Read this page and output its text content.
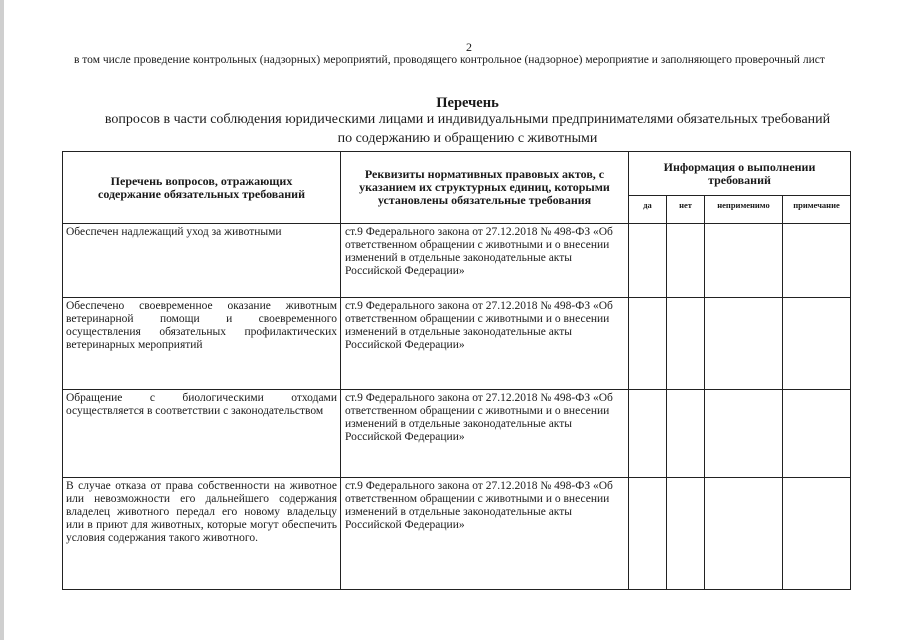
2
в том числе проведение контрольных (надзорных) мероприятий, проводящего контрольное (надзорное) мероприятие и заполняющего проверочный лист
Перечень
вопросов в части соблюдения юридическими лицами и индивидуальными предпринимателями обязательных требований
по содержанию и обращению с животными
Перечень вопросов, отражающих содержание обязательных требований	Реквизиты нормативных правовых актов, с указанием их структурных единиц, которыми установлены обязательные требования	Информация о выполнении требований			
		да	нет	неприменимо	примечание
Обеспечен надлежащий уход за животными	ст.9 Федерального закона от 27.12.2018 № 498-ФЗ «Об ответственном обращении с животными и о внесении изменений в отдельные законодательные акты Российской Федерации»				
Обеспечено своевременное оказание животным ветеринарной помощи и своевременного осуществления обязательных профилактических ветеринарных мероприятий	ст.9 Федерального закона от 27.12.2018 № 498-ФЗ «Об ответственном обращении с животными и о внесении изменений в отдельные законодательные акты Российской Федерации»				
Обращение с биологическими отходами осуществляется в соответствии с законодательством	ст.9 Федерального закона от 27.12.2018 № 498-ФЗ «Об ответственном обращении с животными и о внесении изменений в отдельные законодательные акты Российской Федерации»				
В случае отказа от права собственности на животное или невозможности его дальнейшего содержания владелец животного передал его новому владельцу или в приют для животных, которые могут обеспечить условия содержания такого животного.	ст.9 Федерального закона от 27.12.2018 № 498-ФЗ «Об ответственном обращении с животными и о внесении изменений в отдельные законодательные акты Российской Федерации»				
